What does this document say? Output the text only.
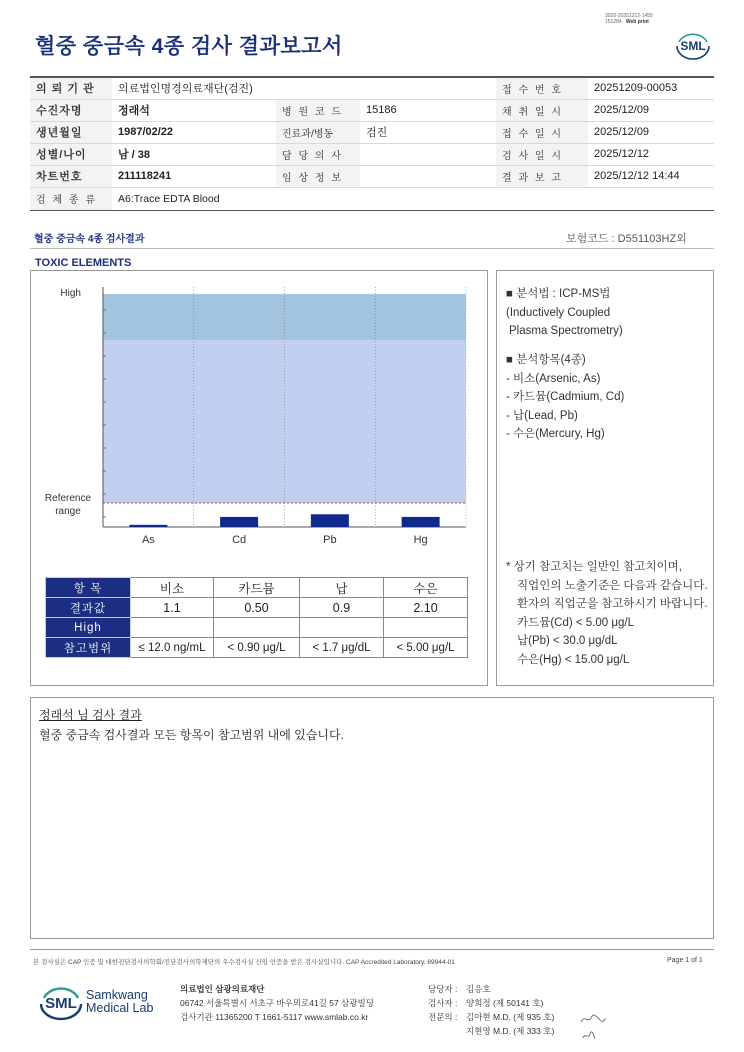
혈중 중금속 4종 검사 결과보고서
3020-20251212-1455
151284 Web print
SML
의 뢰 기 관	의료법인명경의료재단(검진)			접 수 번 호	20251209-00053
수진자명	정래석	병 원 코 드	15186	채 취 일 시	2025/12/09
생년월일	1987/02/22	진료과/병동	검진	접 수 일 시	2025/12/09
성별/나이	남 / 38	담 당 의 사		검 사 일 시	2025/12/12
차트번호	211118241	임 상 정 보		결 과 보 고	2025/12/12 14:44
검 체 종 류	A6:Trace EDTA Blood				
혈중 중금속 4종 검사결과	보험코드 : D551103HZ외
TOXIC ELEMENTS
As	Cd	Pb	Hg
High
Reference range
항 목	비소	카드뮴	납	수은
결과값	1.1	0.50	0.9	2.10
High				
참고범위	≤ 12.0 ng/mL	< 0.90 μg/L	< 1.7 μg/dL	< 5.00 μg/L
■ 분석법 : ICP-MS법
(Inductively Coupled
Plasma Spectrometry)
■ 분석항목(4종)
- 비소(Arsenic, As)
- 카드뮴(Cadmium, Cd)
- 납(Lead, Pb)
- 수은(Mercury, Hg)
* 상기 참고치는 일반인 참고치이며,
직업인의 노출기준은 다음과 같습니다.
환자의 직업군을 참고하시기 바랍니다.
카드뮴(Cd) < 5.00 μg/L
납(Pb) < 30.0 μg/dL
수은(Hg) < 15.00 μg/L
정래석 님 검사 결과
혈중 중금속 검사결과 모든 항목이 참고범위 내에 있습니다.
본 검사실은 CAP 인증 및 대한진단검사의학회/진단검사의학재단의 우수검사실 신임 인증을 받은 검사실입니다. CAP Accredited Laboratory. 69944-01	Page 1 of 1
SML Samkwang
Medical Lab
의료법인 삼광의료재단
06742 서울특별시 서초구 바우뫼로41길 57 삼광빌딩
검사기관 11365200 T 1661-5117 www.smlab.co.kr
담당자 : 김응호
검사자 : 양희정 (제 50141 호)
전문의 : 김아현 M.D. (제 935 호)
지현영 M.D. (제 333 호)
